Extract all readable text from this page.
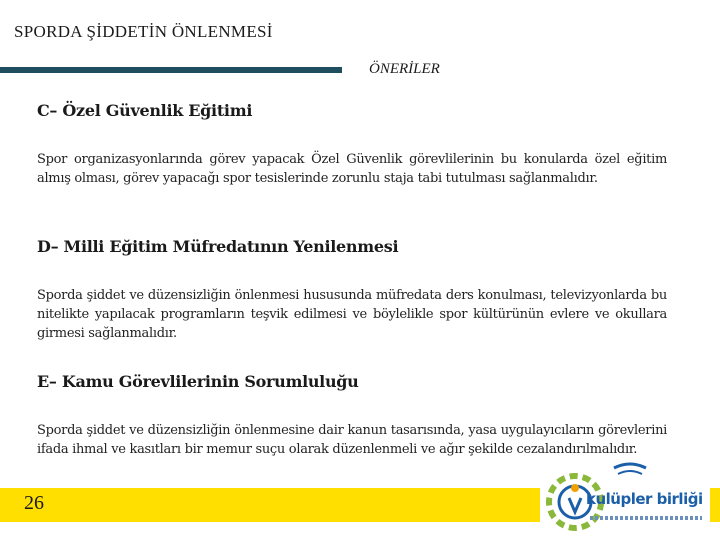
SPORDA ŞİDDETİN ÖNLENMESİ
ÖNERİLER
C– Özel Güvenlik Eğitimi
Spor organizasyonlarında görev yapacak Özel Güvenlik görevlilerinin bu konularda özel eğitim almış olması, görev yapacağı spor tesislerinde zorunlu staja tabi tutulması sağlanmalıdır.
D– Milli Eğitim Müfredatının Yenilenmesi
Sporda şiddet ve düzensizliğin önlenmesi hususunda müfredata ders konulması, televizyonlarda bu nitelikte yapılacak programların teşvik edilmesi ve böylelikle spor kültürünün evlere ve okullara girmesi sağlanmalıdır.
E– Kamu Görevlilerinin Sorumluluğu
Sporda şiddet ve düzensizliğin önlenmesine dair kanun tasarısında, yasa uygulayıcıların görevlerini ifada ihmal ve kasıtları bir memur suçu olarak düzenlenmeli ve ağır şekilde cezalandırılmalıdır.
26	kulüpler birliği
